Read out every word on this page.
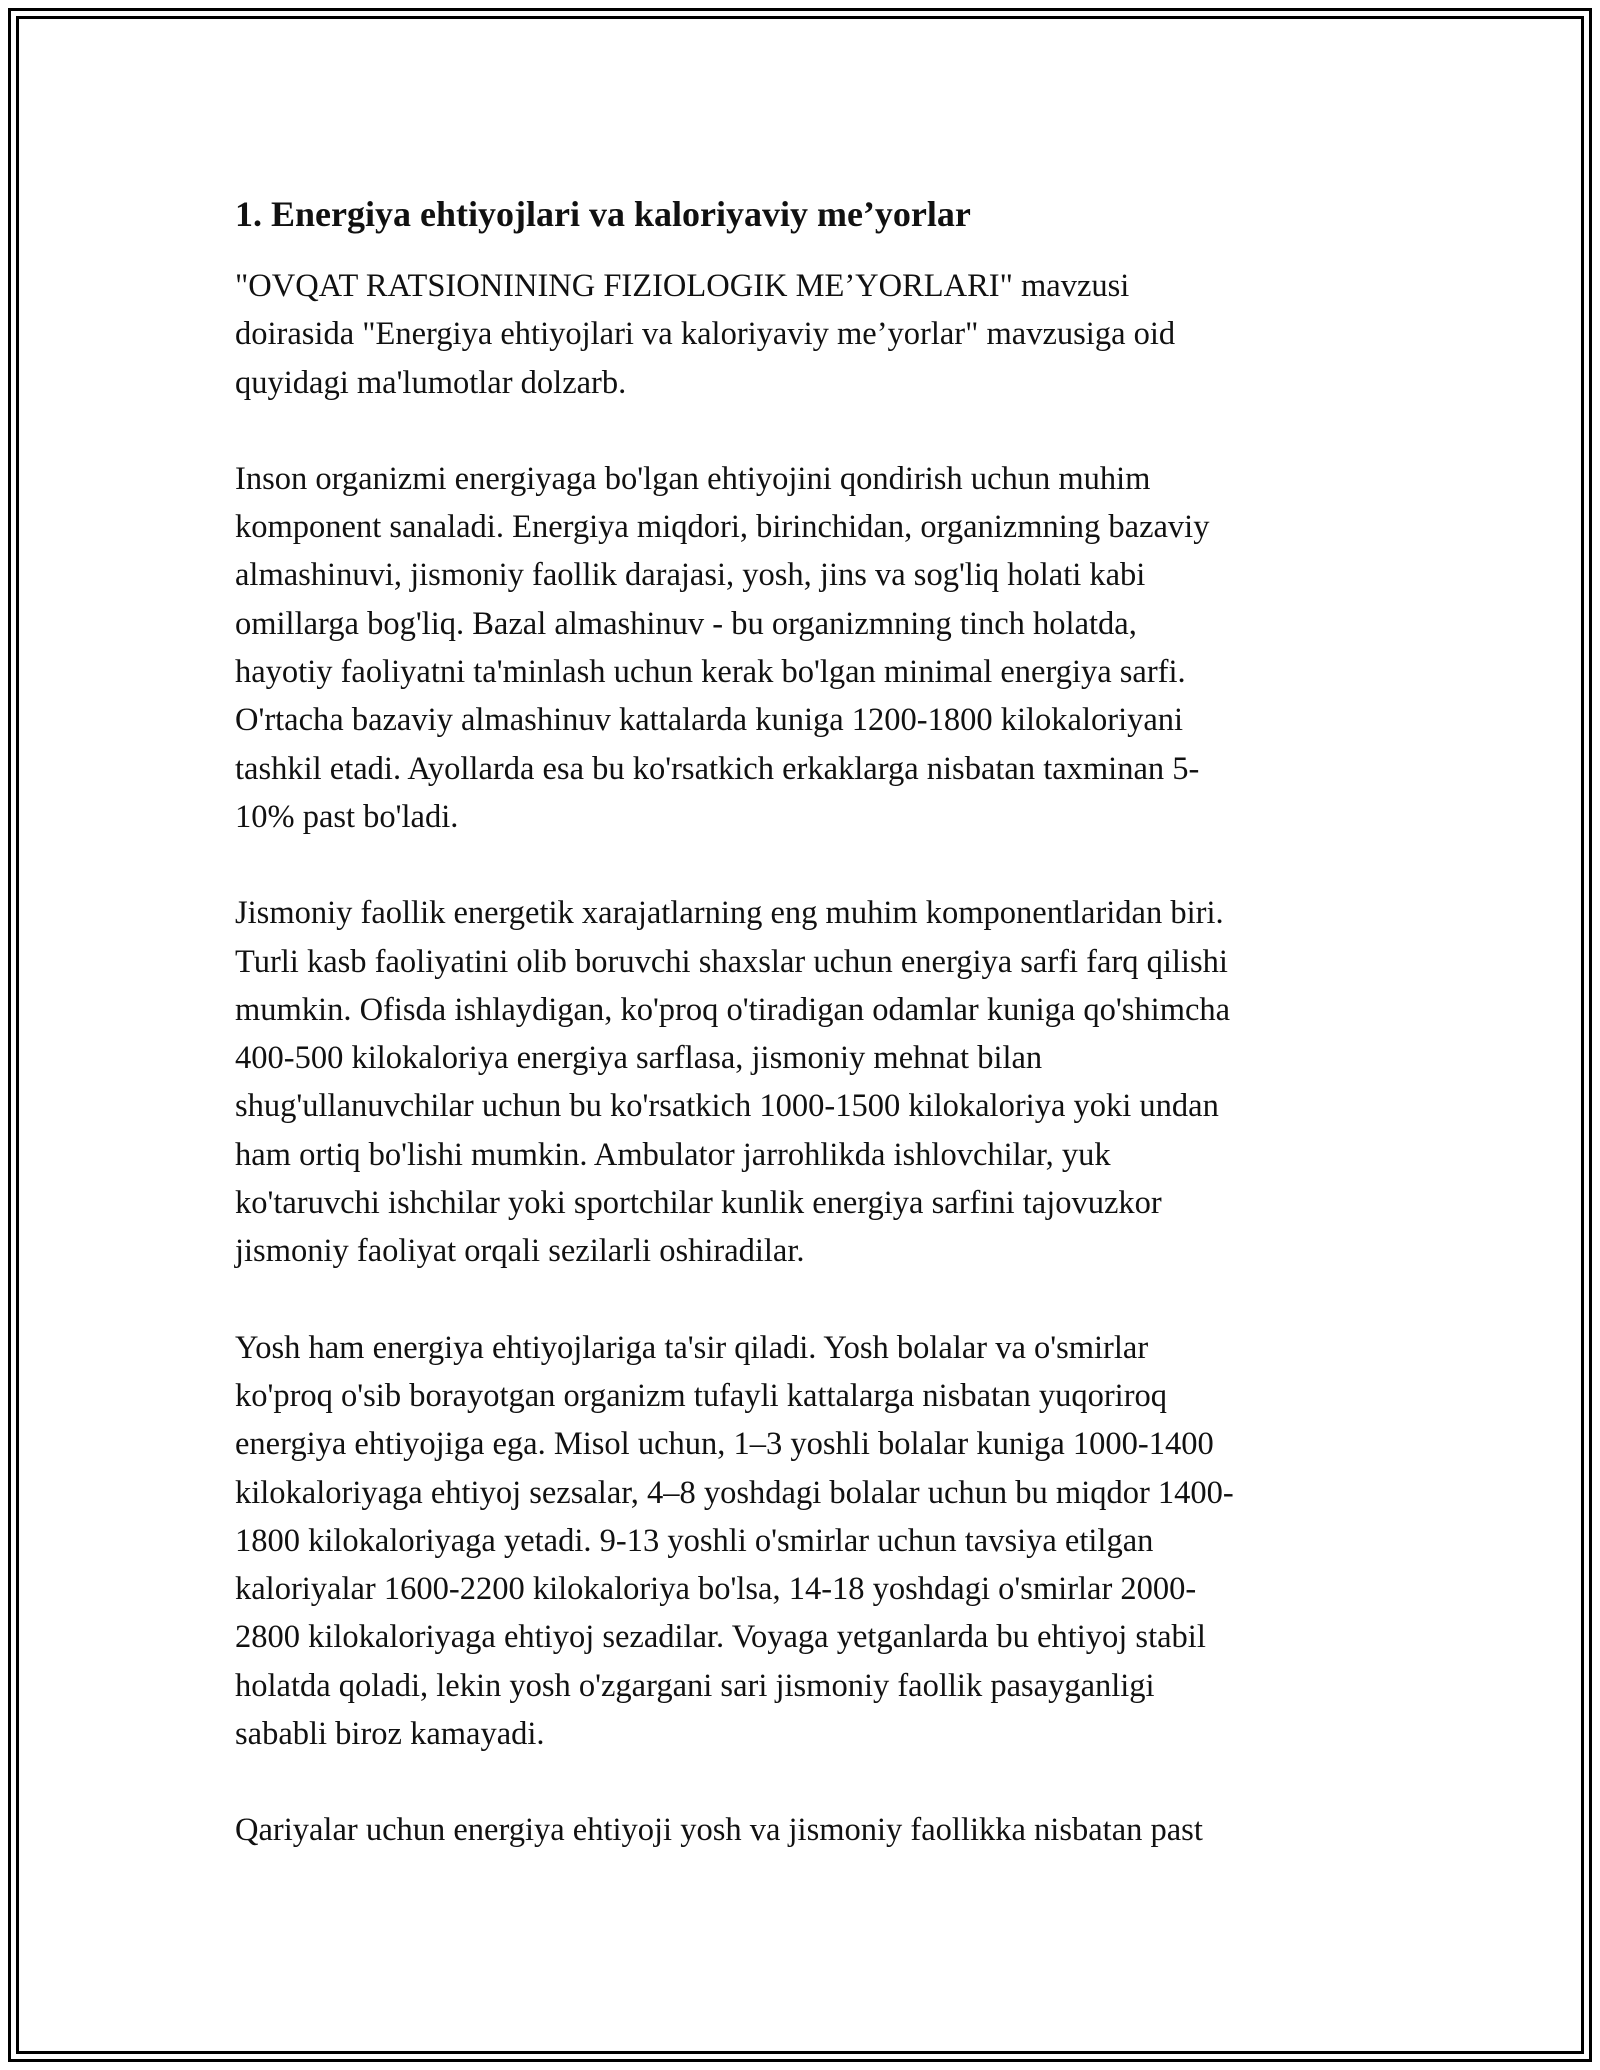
1. Energiya ehtiyojlari va kaloriyaviy me’yorlar
"OVQAT RATSIONINING FIZIOLOGIK ME’YORLARI" mavzusi
doirasida "Energiya ehtiyojlari va kaloriyaviy me’yorlar" mavzusiga oid
quyidagi ma'lumotlar dolzarb.
Inson organizmi energiyaga bo'lgan ehtiyojini qondirish uchun muhim
komponent sanaladi. Energiya miqdori, birinchidan, organizmning bazaviy
almashinuvi, jismoniy faollik darajasi, yosh, jins va sog'liq holati kabi
omillarga bog'liq. Bazal almashinuv - bu organizmning tinch holatda,
hayotiy faoliyatni ta'minlash uchun kerak bo'lgan minimal energiya sarfi.
O'rtacha bazaviy almashinuv kattalarda kuniga 1200-1800 kilokaloriyani
tashkil etadi. Ayollarda esa bu ko'rsatkich erkaklarga nisbatan taxminan 5-
10% past bo'ladi.
Jismoniy faollik energetik xarajatlarning eng muhim komponentlaridan biri.
Turli kasb faoliyatini olib boruvchi shaxslar uchun energiya sarfi farq qilishi
mumkin. Ofisda ishlaydigan, ko'proq o'tiradigan odamlar kuniga qo'shimcha
400-500 kilokaloriya energiya sarflasa, jismoniy mehnat bilan
shug'ullanuvchilar uchun bu ko'rsatkich 1000-1500 kilokaloriya yoki undan
ham ortiq bo'lishi mumkin. Ambulator jarrohlikda ishlovchilar, yuk
ko'taruvchi ishchilar yoki sportchilar kunlik energiya sarfini tajovuzkor
jismoniy faoliyat orqali sezilarli oshiradilar.
Yosh ham energiya ehtiyojlariga ta'sir qiladi. Yosh bolalar va o'smirlar
ko'proq o'sib borayotgan organizm tufayli kattalarga nisbatan yuqoriroq
energiya ehtiyojiga ega. Misol uchun, 1–3 yoshli bolalar kuniga 1000-1400
kilokaloriyaga ehtiyoj sezsalar, 4–8 yoshdagi bolalar uchun bu miqdor 1400-
1800 kilokaloriyaga yetadi. 9-13 yoshli o'smirlar uchun tavsiya etilgan
kaloriyalar 1600-2200 kilokaloriya bo'lsa, 14-18 yoshdagi o'smirlar 2000-
2800 kilokaloriyaga ehtiyoj sezadilar. Voyaga yetganlarda bu ehtiyoj stabil
holatda qoladi, lekin yosh o'zgargani sari jismoniy faollik pasayganligi
sababli biroz kamayadi.
Qariyalar uchun energiya ehtiyoji yosh va jismoniy faollikka nisbatan past
